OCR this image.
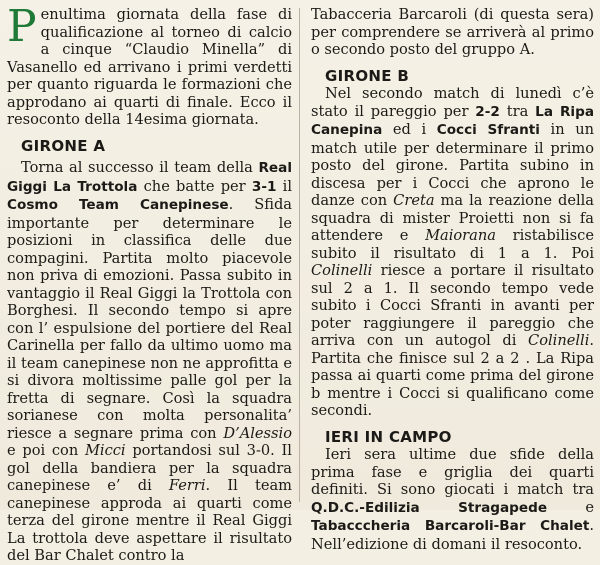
Penultima giornata della fase di qualificazione al torneo di calcio a cinque “Claudio Minella” di Vasanello ed arrivano i primi verdetti per quanto riguarda le formazioni che approdano ai quarti di finale. Ecco il resoconto della 14esima giornata.

GIRONE A

Torna al successo il team della Real Giggi La Trottola che batte per 3-1 il Cosmo Team Canepinese. Sfida importante per determinare le posizioni in classifica delle due compagini. Partita molto piacevole non priva di emozioni. Passa subito in vantaggio il Real Giggi la Trottola con Borghesi. Il secondo tempo si apre con l’ espulsione del portiere del Real Carinella per fallo da ultimo uomo ma il team canepinese non ne approfitta e si divora moltissime palle gol per la fretta di segnare. Così la squadra sorianese con molta personalita’ riesce a segnare prima con D’Alessio e poi con Micci portandosi sul 3-0. Il gol della bandiera per la squadra canepinese e’ di Ferri. Il team canepinese approda ai quarti come terza del girone mentre il Real Giggi La trottola deve aspettare il risultato del Bar Chalet contro la

Tabacceria Barcaroli (di questa sera) per comprendere se arriverà al primo o secondo posto del gruppo A.

GIRONE B

Nel secondo match di lunedì c’è stato il pareggio per 2-2 tra La Ripa Canepina ed i Cocci Sfranti in un match utile per determinare il primo posto del girone. Partita subino in discesa per i Cocci che aprono le danze con Creta ma la reazione della squadra di mister Proietti non si fa attendere e Maiorana ristabilisce subito il risultato di 1 a 1. Poi Colinelli riesce a portare il risultato sul 2 a 1. Il secondo tempo vede subito i Cocci Sfranti in avanti per poter raggiungere il pareggio che arriva con un autogol di Colinelli. Partita che finisce sul 2 a 2 . La Ripa passa ai quarti come prima del girone b mentre i Cocci si qualificano come secondi.

IERI IN CAMPO

Ieri sera ultime due sfide della prima fase e griglia dei quarti definiti. Si sono giocati i match tra Q.D.C.-Edilizia Stragapede e Tabacccheria Barcaroli-Bar Chalet. Nell’edizione di domani il resoconto.
